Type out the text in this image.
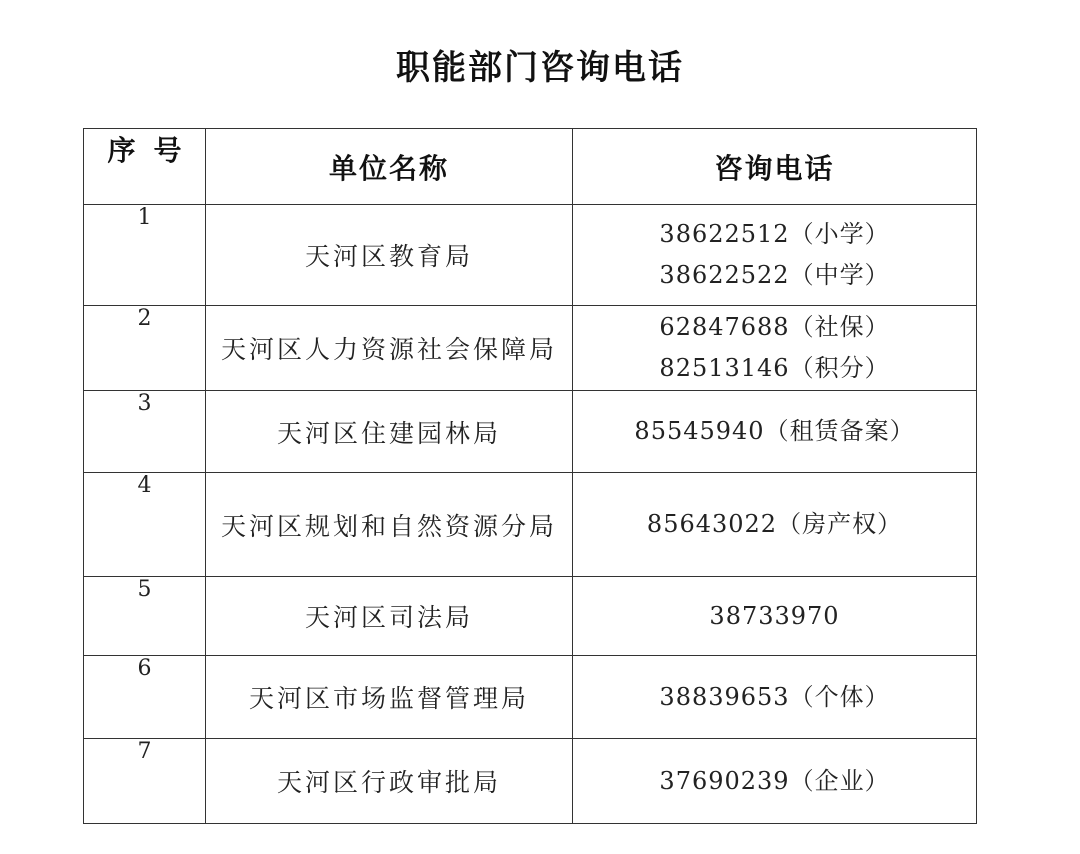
职能部门咨询电话
序 号	单位名称	咨询电话
1	天河区教育局	38622512（小学）
38622522（中学）

2	天河区人力资源社会保障局	62847688（社保）
82513146（积分）

3	天河区住建园林局	85545940（租赁备案）

4	天河区规划和自然资源分局	85643022（房产权）

5	天河区司法局	38733970

6	天河区市场监督管理局	38839653（个体）

7	天河区行政审批局	37690239（企业）
